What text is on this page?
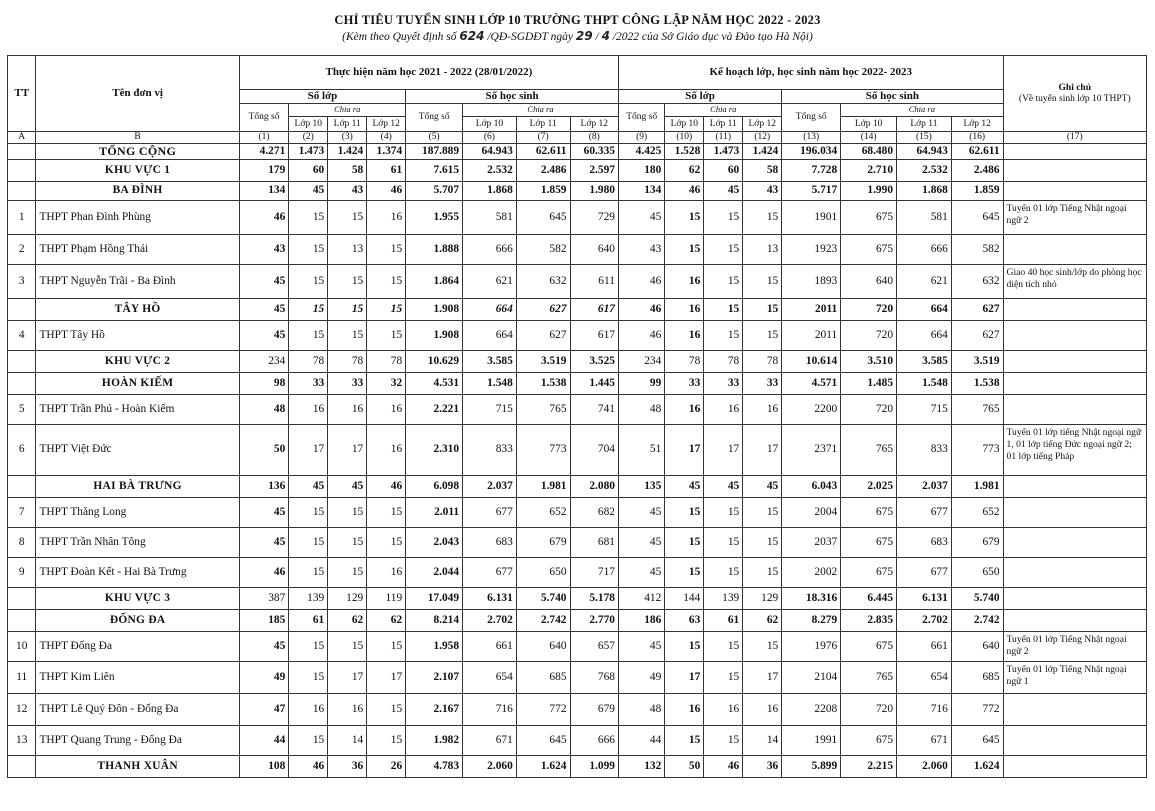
CHỈ TIÊU TUYỂN SINH LỚP 10 TRƯỜNG THPT CÔNG LẬP NĂM HỌC 2022 - 2023
(Kèm theo Quyết định số 624 /QĐ-SGDĐT ngày 29 / 4 /2022 của Sở Giáo dục và Đào tạo Hà Nội)
TT	Tên đơn vị	Thực hiện năm học 2021 - 2022 (28/01/2022)								Kế hoạch lớp, học sinh năm học 2022- 2023								Ghi chú
(Về tuyển sinh lớp 10 THPT)

		Số lớp				Số học sinh				Số lớp				Số học sinh				
		Tổng số	Chia ra			Tổng số	Chia ra			Tổng số	Chia ra			Tổng số	Chia ra			
			Lớp 10	Lớp 11	Lớp 12		Lớp 10	Lớp 11	Lớp 12		Lớp 10	Lớp 11	Lớp 12		Lớp 10	Lớp 11	Lớp 12	
A	B	(1)	(2)	(3)	(4)	(5)	(6)	(7)	(8)	(9)	(10)	(11)	(12)	(13)	(14)	(15)	(16)	(17)
	TỔNG CỘNG	4.271	1.473	1.424	1.374	187.889	64.943	62.611	60.335	4.425	1.528	1.473	1.424	196.034	68.480	64.943	62.611	
	KHU VỰC 1	179	60	58	61	7.615	2.532	2.486	2.597	180	62	60	58	7.728	2.710	2.532	2.486	
	BA ĐÌNH	134	45	43	46	5.707	1.868	1.859	1.980	134	46	45	43	5.717	1.990	1.868	1.859	
1	THPT Phan Đình Phùng	46	15	15	16	1.955	581	645	729	45	15	15	15	1901	675	581	645	Tuyển 01 lớp Tiếng Nhật ngoại ngữ 2
2	THPT Phạm Hồng Thái	43	15	13	15	1.888	666	582	640	43	15	15	13	1923	675	666	582	
3	THPT Nguyễn Trãi - Ba Đình	45	15	15	15	1.864	621	632	611	46	16	15	15	1893	640	621	632	Giao 40 học sinh/lớp do phòng học diện tích nhỏ
	TÂY HỒ	45	15	15	15	1.908	664	627	617	46	16	15	15	2011	720	664	627	
4	THPT Tây Hồ	45	15	15	15	1.908	664	627	617	46	16	15	15	2011	720	664	627	
	KHU VỰC 2	234	78	78	78	10.629	3.585	3.519	3.525	234	78	78	78	10.614	3.510	3.585	3.519	
	HOÀN KIẾM	98	33	33	32	4.531	1.548	1.538	1.445	99	33	33	33	4.571	1.485	1.548	1.538	
5	THPT Trần Phú - Hoàn Kiếm	48	16	16	16	2.221	715	765	741	48	16	16	16	2200	720	715	765	
6	THPT Việt Đức	50	17	17	16	2.310	833	773	704	51	17	17	17	2371	765	833	773	Tuyển 01 lớp tiếng Nhật ngoại ngữ 1, 01 lớp tiếng Đức ngoại ngữ 2; 01 lớp tiếng Pháp
	HAI BÀ TRƯNG	136	45	45	46	6.098	2.037	1.981	2.080	135	45	45	45	6.043	2.025	2.037	1.981	
7	THPT Thăng Long	45	15	15	15	2.011	677	652	682	45	15	15	15	2004	675	677	652	
8	THPT Trần Nhân Tông	45	15	15	15	2.043	683	679	681	45	15	15	15	2037	675	683	679	
9	THPT Đoàn Kết - Hai Bà Trưng	46	15	15	16	2.044	677	650	717	45	15	15	15	2002	675	677	650	
	KHU VỰC 3	387	139	129	119	17.049	6.131	5.740	5.178	412	144	139	129	18.316	6.445	6.131	5.740	
	ĐỐNG ĐA	185	61	62	62	8.214	2.702	2.742	2.770	186	63	61	62	8.279	2.835	2.702	2.742	
10	THPT Đống Đa	45	15	15	15	1.958	661	640	657	45	15	15	15	1976	675	661	640	Tuyển 01 lớp Tiếng Nhật ngoại ngữ 2
11	THPT Kim Liên	49	15	17	17	2.107	654	685	768	49	17	15	17	2104	765	654	685	Tuyển 01 lớp Tiếng Nhật ngoại ngữ 1
12	THPT Lê Quý Đôn - Đống Đa	47	16	16	15	2.167	716	772	679	48	16	16	16	2208	720	716	772	
13	THPT Quang Trung - Đống Đa	44	15	14	15	1.982	671	645	666	44	15	15	14	1991	675	671	645	
	THANH XUÂN	108	46	36	26	4.783	2.060	1.624	1.099	132	50	46	36	5.899	2.215	2.060	1.624	
